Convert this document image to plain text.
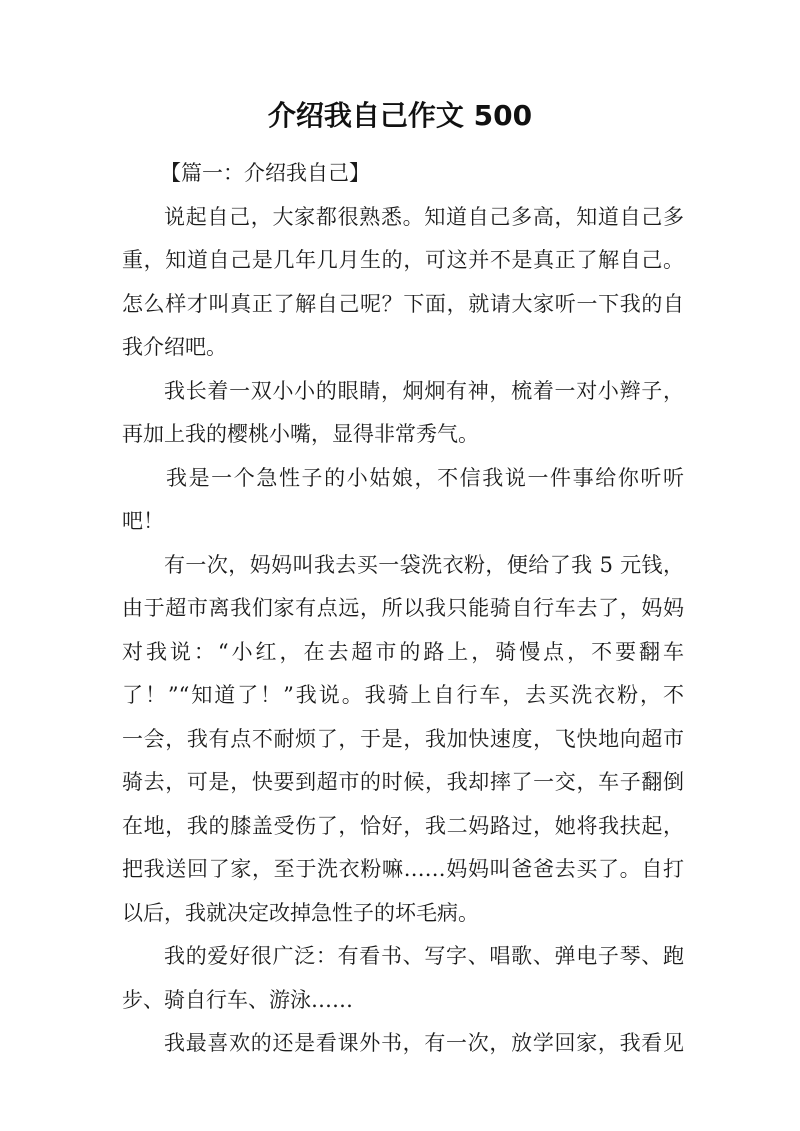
介绍我自己作文 500
【篇一：介绍我自己】
说起自己，大家都很熟悉。知道自己多高，知道自己多
重，知道自己是几年几月生的，可这并不是真正了解自己。
怎么样才叫真正了解自己呢？下面，就请大家听一下我的自
我介绍吧。
我长着一双小小的眼睛，炯炯有神，梳着一对小辫子，
再加上我的樱桃小嘴，显得非常秀气。
我是一个急性子的小姑娘，不信我说一件事给你听听
吧！
有一次，妈妈叫我去买一袋洗衣粉，便给了我 5 元钱，
由于超市离我们家有点远，所以我只能骑自行车去了，妈妈
对我说：“小红，在去超市的路上，骑慢点，不要翻车
了！”“知道了！”我说。我骑上自行车，去买洗衣粉，不
一会，我有点不耐烦了，于是，我加快速度，飞快地向超市
骑去，可是，快要到超市的时候，我却摔了一交，车子翻倒
在地，我的膝盖受伤了，恰好，我二妈路过，她将我扶起，
把我送回了家，至于洗衣粉嘛……妈妈叫爸爸去买了。自打
以后，我就决定改掉急性子的坏毛病。
我的爱好很广泛：有看书、写字、唱歌、弹电子琴、跑
步、骑自行车、游泳……
我最喜欢的还是看课外书，有一次，放学回家，我看见
